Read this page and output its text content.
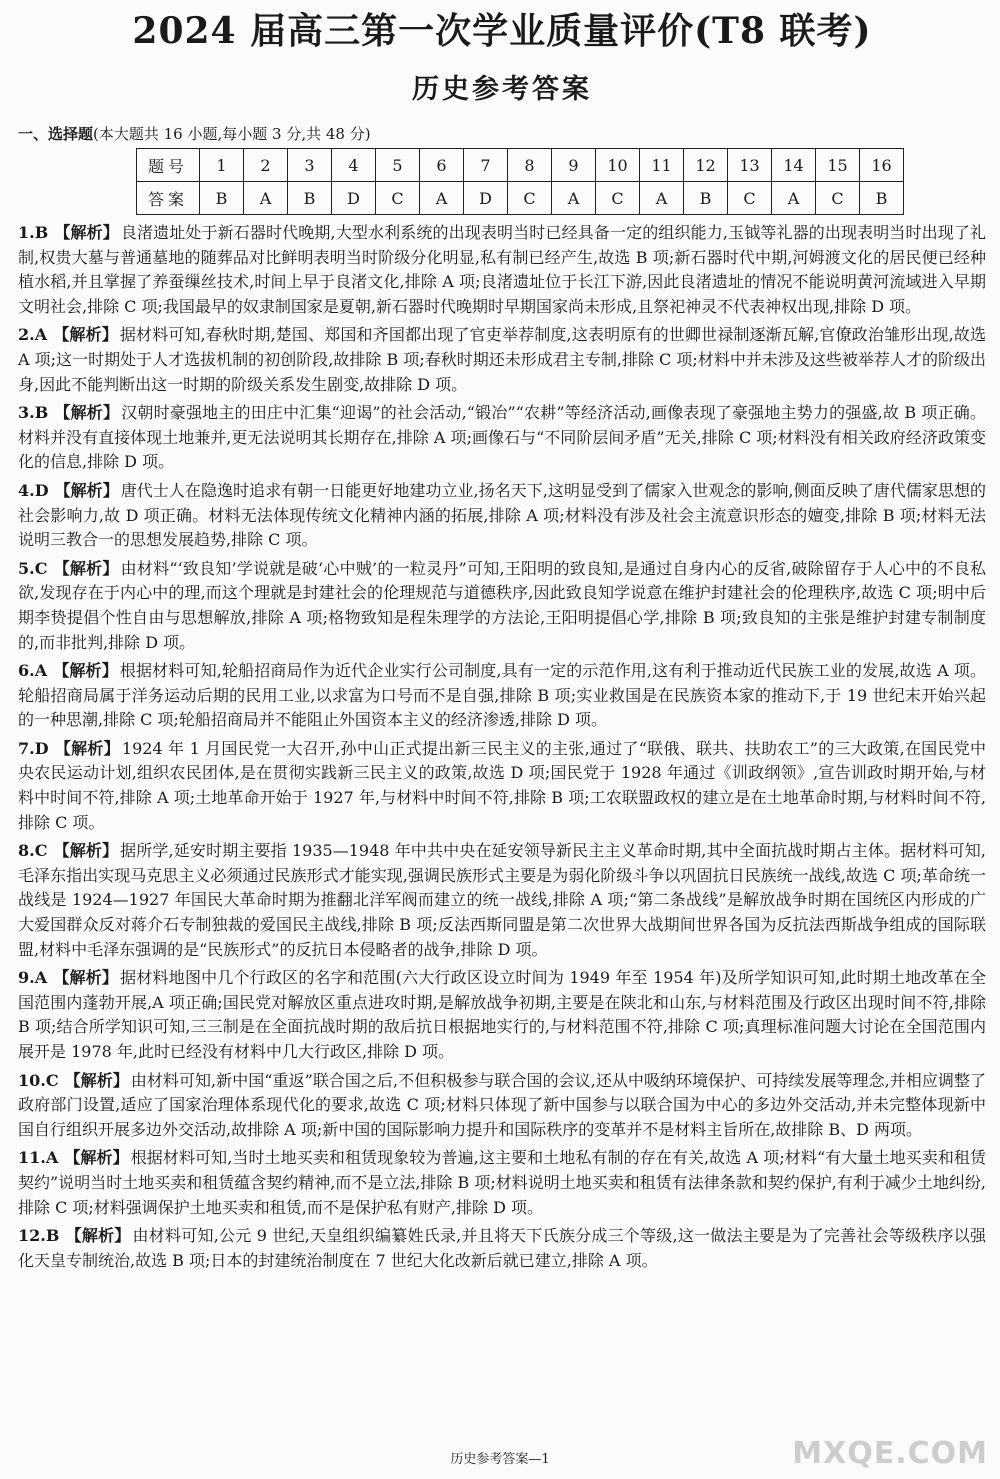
2024 届高三第一次学业质量评价(T8 联考)
历史参考答案
一、选择题(本大题共 16 小题,每小题 3 分,共 48 分)
题号	1	2	3	4	5	6	7	8	9	10	11	12	13	14	15	16
答案	B	A	B	D	C	A	D	C	A	C	A	B	C	A	C	B

1.B 【解析】 良渚遗址处于新石器时代晚期,大型水利系统的出现表明当时已经具备一定的组织能力,玉钺等礼器的出现表明当时出现了礼制,权贵大墓与普通墓地的随葬品对比鲜明表明当时阶级分化明显,私有制已经产生,故选 B 项;新石器时代中期,河姆渡文化的居民便已经种植水稻,并且掌握了养蚕缫丝技术,时间上早于良渚文化,排除 A 项;良渚遗址位于长江下游,因此良渚遗址的情况不能说明黄河流域进入早期文明社会,排除 C 项;我国最早的奴隶制国家是夏朝,新石器时代晚期时早期国家尚未形成,且祭祀神灵不代表神权出现,排除 D 项。

2.A 【解析】 据材料可知,春秋时期,楚国、郑国和齐国都出现了官吏举荐制度,这表明原有的世卿世禄制逐渐瓦解,官僚政治雏形出现,故选 A 项;这一时期处于人才选拔机制的初创阶段,故排除 B 项;春秋时期还未形成君主专制,排除 C 项;材料中并未涉及这些被举荐人才的阶级出身,因此不能判断出这一时期的阶级关系发生剧变,故排除 D 项。

3.B 【解析】 汉朝时豪强地主的田庄中汇集“迎谒”的社会活动,“锻冶”“农耕”等经济活动,画像表现了豪强地主势力的强盛,故 B 项正确。材料并没有直接体现土地兼并,更无法说明其长期存在,排除 A 项;画像石与“不同阶层间矛盾”无关,排除 C 项;材料没有相关政府经济政策变化的信息,排除 D 项。

4.D 【解析】 唐代士人在隐逸时追求有朝一日能更好地建功立业,扬名天下,这明显受到了儒家入世观念的影响,侧面反映了唐代儒家思想的社会影响力,故 D 项正确。材料无法体现传统文化精神内涵的拓展,排除 A 项;材料没有涉及社会主流意识形态的嬗变,排除 B 项;材料无法说明三教合一的思想发展趋势,排除 C 项。

5.C 【解析】 由材料“‘致良知’学说就是破‘心中贼’的一粒灵丹”可知,王阳明的致良知,是通过自身内心的反省,破除留存于人心中的不良私欲,发现存在于内心中的理,而这个理就是封建社会的伦理规范与道德秩序,因此致良知学说意在维护封建社会的伦理秩序,故选 C 项;明中后期李贽提倡个性自由与思想解放,排除 A 项;格物致知是程朱理学的方法论,王阳明提倡心学,排除 B 项;致良知的主张是维护封建专制制度的,而非批判,排除 D 项。

6.A 【解析】 根据材料可知,轮船招商局作为近代企业实行公司制度,具有一定的示范作用,这有利于推动近代民族工业的发展,故选 A 项。轮船招商局属于洋务运动后期的民用工业,以求富为口号而不是自强,排除 B 项;实业救国是在民族资本家的推动下,于 19 世纪末开始兴起的一种思潮,排除 C 项;轮船招商局并不能阻止外国资本主义的经济渗透,排除 D 项。

7.D 【解析】 1924 年 1 月国民党一大召开,孙中山正式提出新三民主义的主张,通过了“联俄、联共、扶助农工”的三大政策,在国民党中央农民运动计划,组织农民团体,是在贯彻实践新三民主义的政策,故选 D 项;国民党于 1928 年通过《训政纲领》,宣告训政时期开始,与材料中时间不符,排除 A 项;土地革命开始于 1927 年,与材料中时间不符,排除 B 项;工农联盟政权的建立是在土地革命时期,与材料时间不符,排除 C 项。

8.C 【解析】 据所学,延安时期主要指 1935—1948 年中共中央在延安领导新民主主义革命时期,其中全面抗战时期占主体。据材料可知,毛泽东指出实现马克思主义必须通过民族形式才能实现,强调民族形式主要是为弱化阶级斗争以巩固抗日民族统一战线,故选 C 项;革命统一战线是 1924—1927 年国民大革命时期为推翻北洋军阀而建立的统一战线,排除 A 项;“第二条战线”是解放战争时期在国统区内形成的广大爱国群众反对蒋介石专制独裁的爱国民主战线,排除 B 项;反法西斯同盟是第二次世界大战期间世界各国为反抗法西斯战争组成的国际联盟,材料中毛泽东强调的是“民族形式”的反抗日本侵略者的战争,排除 D 项。

9.A 【解析】 据材料地图中几个行政区的名字和范围(六大行政区设立时间为 1949 年至 1954 年)及所学知识可知,此时期土地改革在全国范围内蓬勃开展,A 项正确;国民党对解放区重点进攻时期,是解放战争初期,主要是在陕北和山东,与材料范围及行政区出现时间不符,排除 B 项;结合所学知识可知,三三制是在全面抗战时期的敌后抗日根据地实行的,与材料范围不符,排除 C 项;真理标准问题大讨论在全国范围内展开是 1978 年,此时已经没有材料中几大行政区,排除 D 项。

10.C 【解析】 由材料可知,新中国“重返”联合国之后,不但积极参与联合国的会议,还从中吸纳环境保护、可持续发展等理念,并相应调整了政府部门设置,适应了国家治理体系现代化的要求,故选 C 项;材料只体现了新中国参与以联合国为中心的多边外交活动,并未完整体现新中国自行组织开展多边外交活动,故排除 A 项;新中国的国际影响力提升和国际秩序的变革并不是材料主旨所在,故排除 B、D 两项。

11.A 【解析】 根据材料可知,当时土地买卖和租赁现象较为普遍,这主要和土地私有制的存在有关,故选 A 项;材料“有大量土地买卖和租赁契约”说明当时土地买卖和租赁蕴含契约精神,而不是立法,排除 B 项;材料说明土地买卖和租赁有法律条款和契约保护,有利于减少土地纠纷,排除 C 项;材料强调保护土地买卖和租赁,而不是保护私有财产,排除 D 项。

12.B 【解析】 由材料可知,公元 9 世纪,天皇组织编纂姓氏录,并且将天下氏族分成三个等级,这一做法主要是为了完善社会等级秩序以强化天皇专制统治,故选 B 项;日本的封建统治制度在 7 世纪大化改新后就已建立,排除 A 项。

历史参考答案—1	MXQE.COM
